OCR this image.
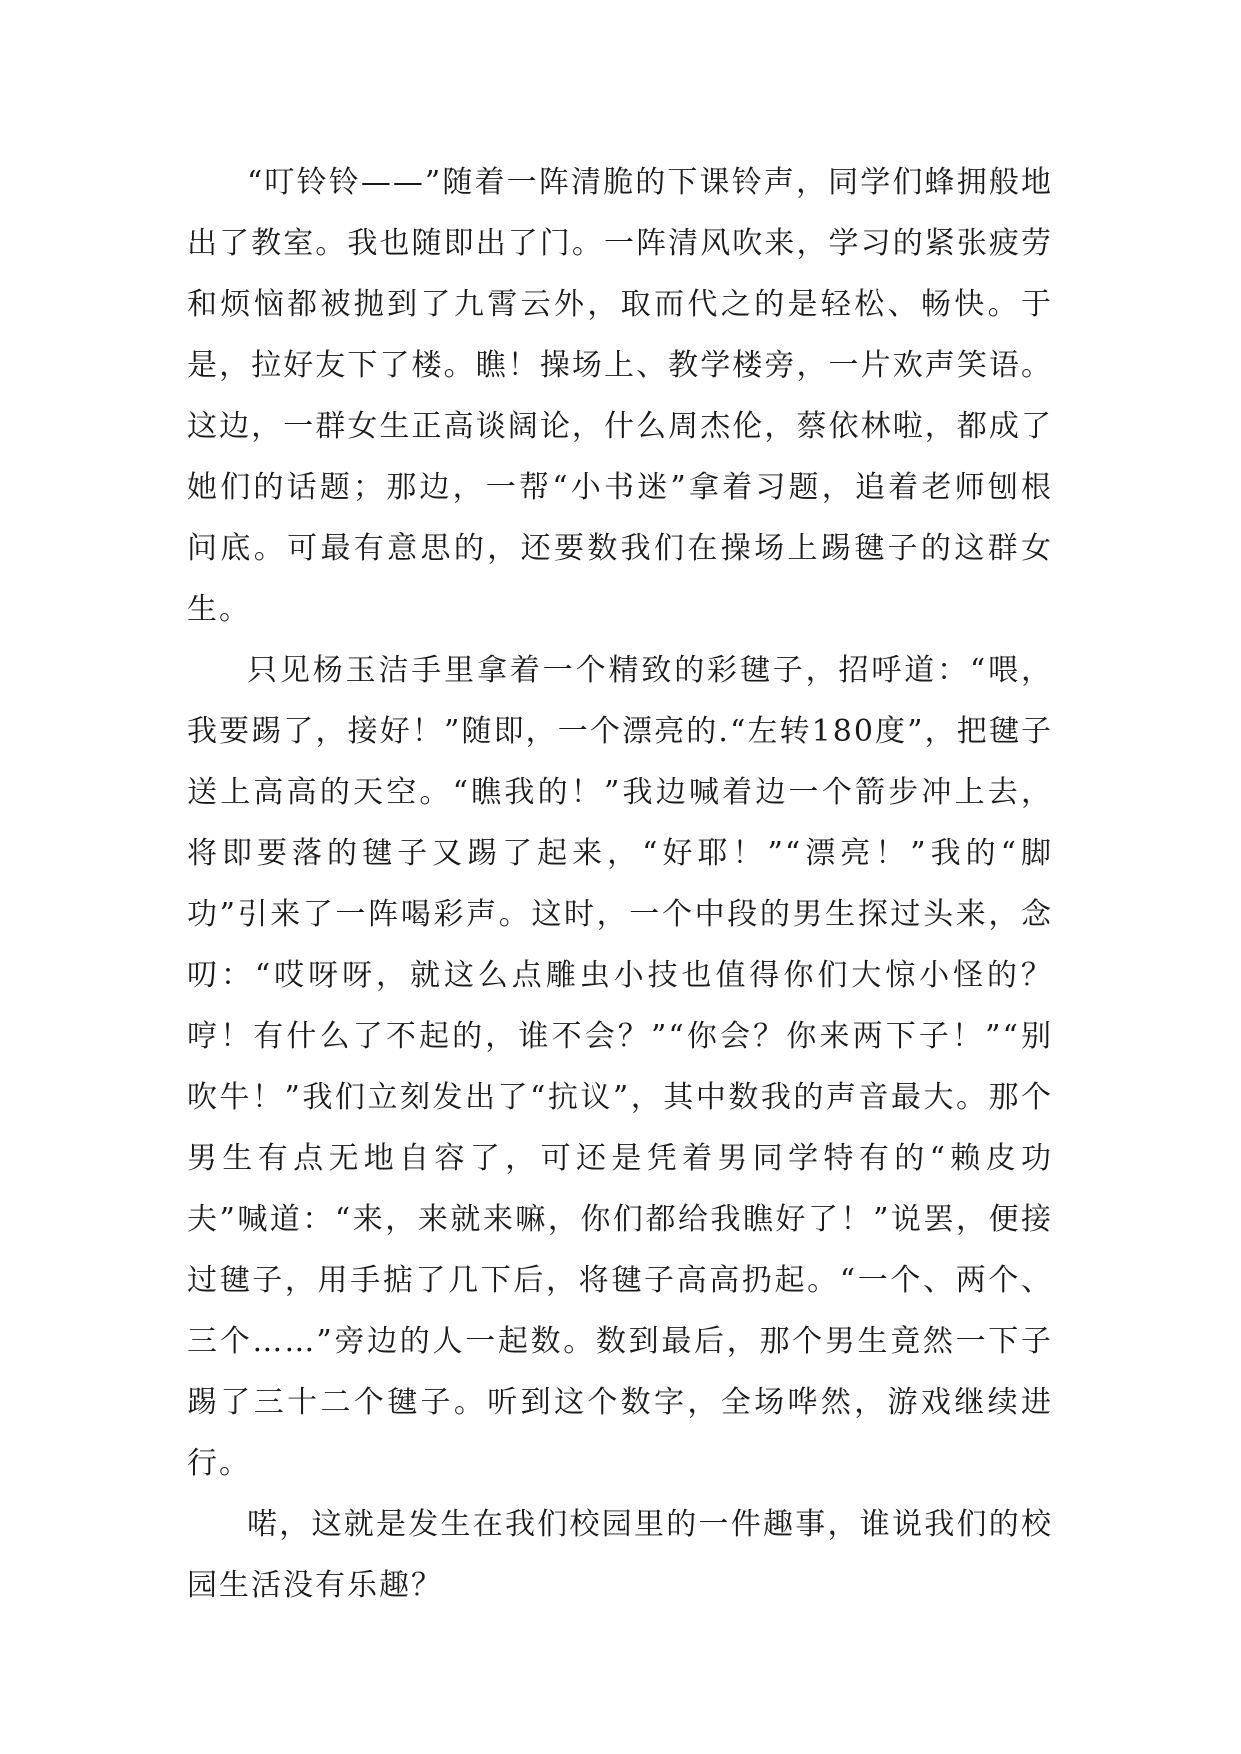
“叮铃铃——”随着一阵清脆的下课铃声，同学们蜂拥般地出了教室。我也随即出了门。一阵清风吹来，学习的紧张疲劳和烦恼都被抛到了九霄云外，取而代之的是轻松、畅快。于是，拉好友下了楼。瞧！操场上、教学楼旁，一片欢声笑语。这边，一群女生正高谈阔论，什么周杰伦，蔡依林啦，都成了她们的话题；那边，一帮“小书迷”拿着习题，追着老师刨根问底。可最有意思的，还要数我们在操场上踢毽子的这群女生。

只见杨玉洁手里拿着一个精致的彩毽子，招呼道：“喂，我要踢了，接好！”随即，一个漂亮的.“左转180度”，把毽子送上高高的天空。“瞧我的！”我边喊着边一个箭步冲上去，将即要落的毽子又踢了起来，“好耶！”“漂亮！”我的“脚功”引来了一阵喝彩声。这时，一个中段的男生探过头来，念叨：“哎呀呀，就这么点雕虫小技也值得你们大惊小怪的？哼！有什么了不起的，谁不会？”“你会？你来两下子！”“别吹牛！”我们立刻发出了“抗议”，其中数我的声音最大。那个男生有点无地自容了，可还是凭着男同学特有的“赖皮功夫”喊道：“来，来就来嘛，你们都给我瞧好了！”说罢，便接过毽子，用手掂了几下后，将毽子高高扔起。“一个、两个、三个……”旁边的人一起数。数到最后，那个男生竟然一下子踢了三十二个毽子。听到这个数字，全场哗然，游戏继续进行。

喏，这就是发生在我们校园里的一件趣事，谁说我们的校园生活没有乐趣？
